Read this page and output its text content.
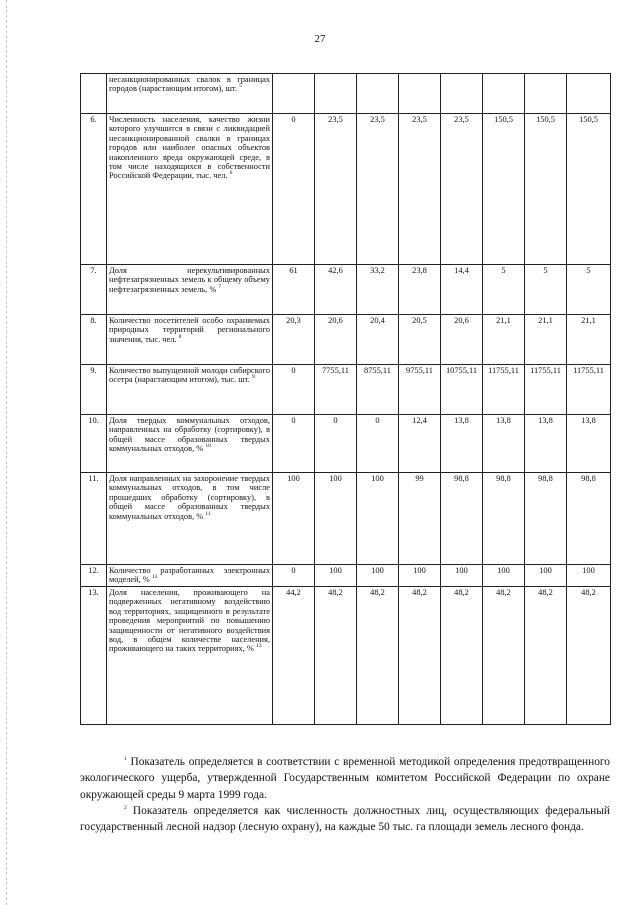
27
	несанкционированных свалок в границах городов (нарастающим итогом), шт. $^5$								
6.	Численность населения, качество жизни которого улучшится в связи с ликвидацией несанкционированной свалки в границах городов или наиболее опасных объектов накопленного вреда окружающей среде, в том числе находящихся в собственности Российской Федерации, тыс. чел. $^6$	0	23,5	23,5	23,5	23,5	150,5	150,5	150,5
7.	Доля нерекультивированных нефтезагрязненных земель к общему объему нефтезагрязненных земель, % $^7$	61	42,6	33,2	23,8	14,4	5	5	5
8.	Количество посетителей особо охраняемых природных территорий регионального значения, тыс. чел. $^8$	20,3	20,6	20,4	20,5	20,6	21,1	21,1	21,1
9.	Количество выпущенной молоди сибирского осетра (нарастающим итогом), тыс. шт. $^9$	0	7755,11	8755,11	9755,11	10755,11	11755,11	11755,11	11755,11
10.	Доля твердых коммунальных отходов, направленных на обработку (сортировку), в общей массе образованных твердых коммунальных отходов, % $^{10}$	0	0	0	12,4	13,8	13,8	13,8	13,8
11.	Доля направленных на захоронение твердых коммунальных отходов, в том числе прошедших обработку (сортировку), в общей массе образованных твердых коммунальных отходов, % $^{11}$	100	100	100	99	98,8	98,8	98,8	98,8
12.	Количество разработанных электронных моделей, % $^{12}$	0	100	100	100	100	100	100	100
13.	Доля населения, проживающего на подверженных негативному воздействию вод территориях, защищенного в результате проведения мероприятий по повышению защищенности от негативного воздействия вод, в общем количестве населения, проживающего на таких территориях, % $^{13}$	44,2	48,2	48,2	48,2	48,2	48,2	48,2	48,2

$^1$ Показатель определяется в соответствии с временной методикой определения предотвращенного экологического ущерба, утвержденной Государственным комитетом Российской Федерации по охране окружающей среды 9 марта 1999 года.

$^2$ Показатель определяется как численность должностных лиц, осуществляющих федеральный государственный лесной надзор (лесную охрану), на каждые 50 тыс. га площади земель лесного фонда.
